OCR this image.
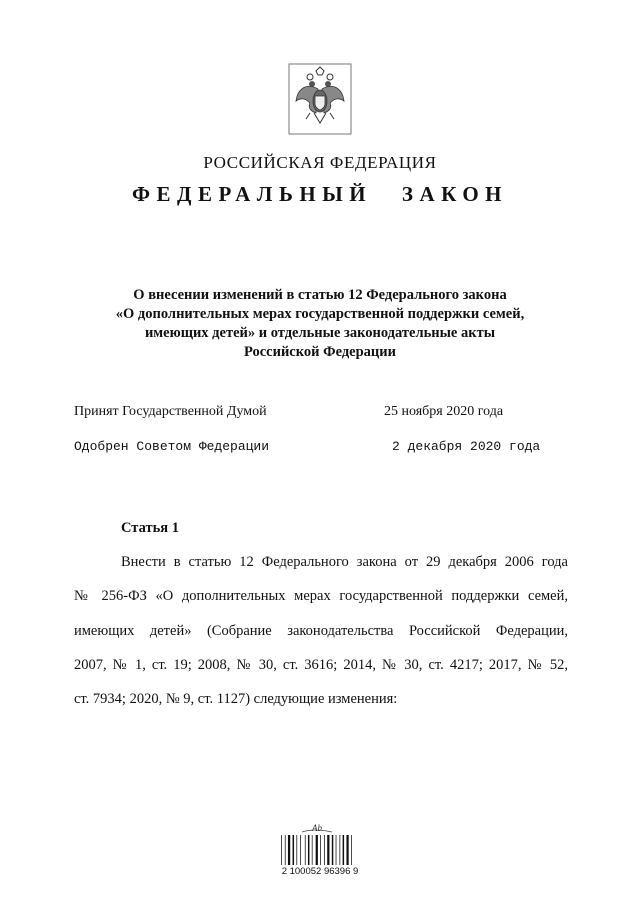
РОССИЙСКАЯ ФЕДЕРАЦИЯ
ФЕДЕРАЛЬНЫЙ ЗАКОН
О внесении изменений в статью 12 Федерального закона
«О дополнительных мерах государственной поддержки семей,
имеющих детей» и отдельные законодательные акты
Российской Федерации
Принят Государственной Думой	25 ноября 2020 года
Одобрен Советом Федерации	2 декабря 2020 года
Статья 1
Внести в статью 12 Федерального закона от 29 декабря 2006 года
№ 256-ФЗ «О дополнительных мерах государственной поддержки семей,
имеющих детей» (Собрание законодательства Российской Федерации,
2007, № 1, ст. 19; 2008, № 30, ст. 3616; 2014, № 30, ст. 4217; 2017, № 52,
ст. 7934; 2020, № 9, ст. 1127) следующие изменения:
Ab
2 100052 96396 9
